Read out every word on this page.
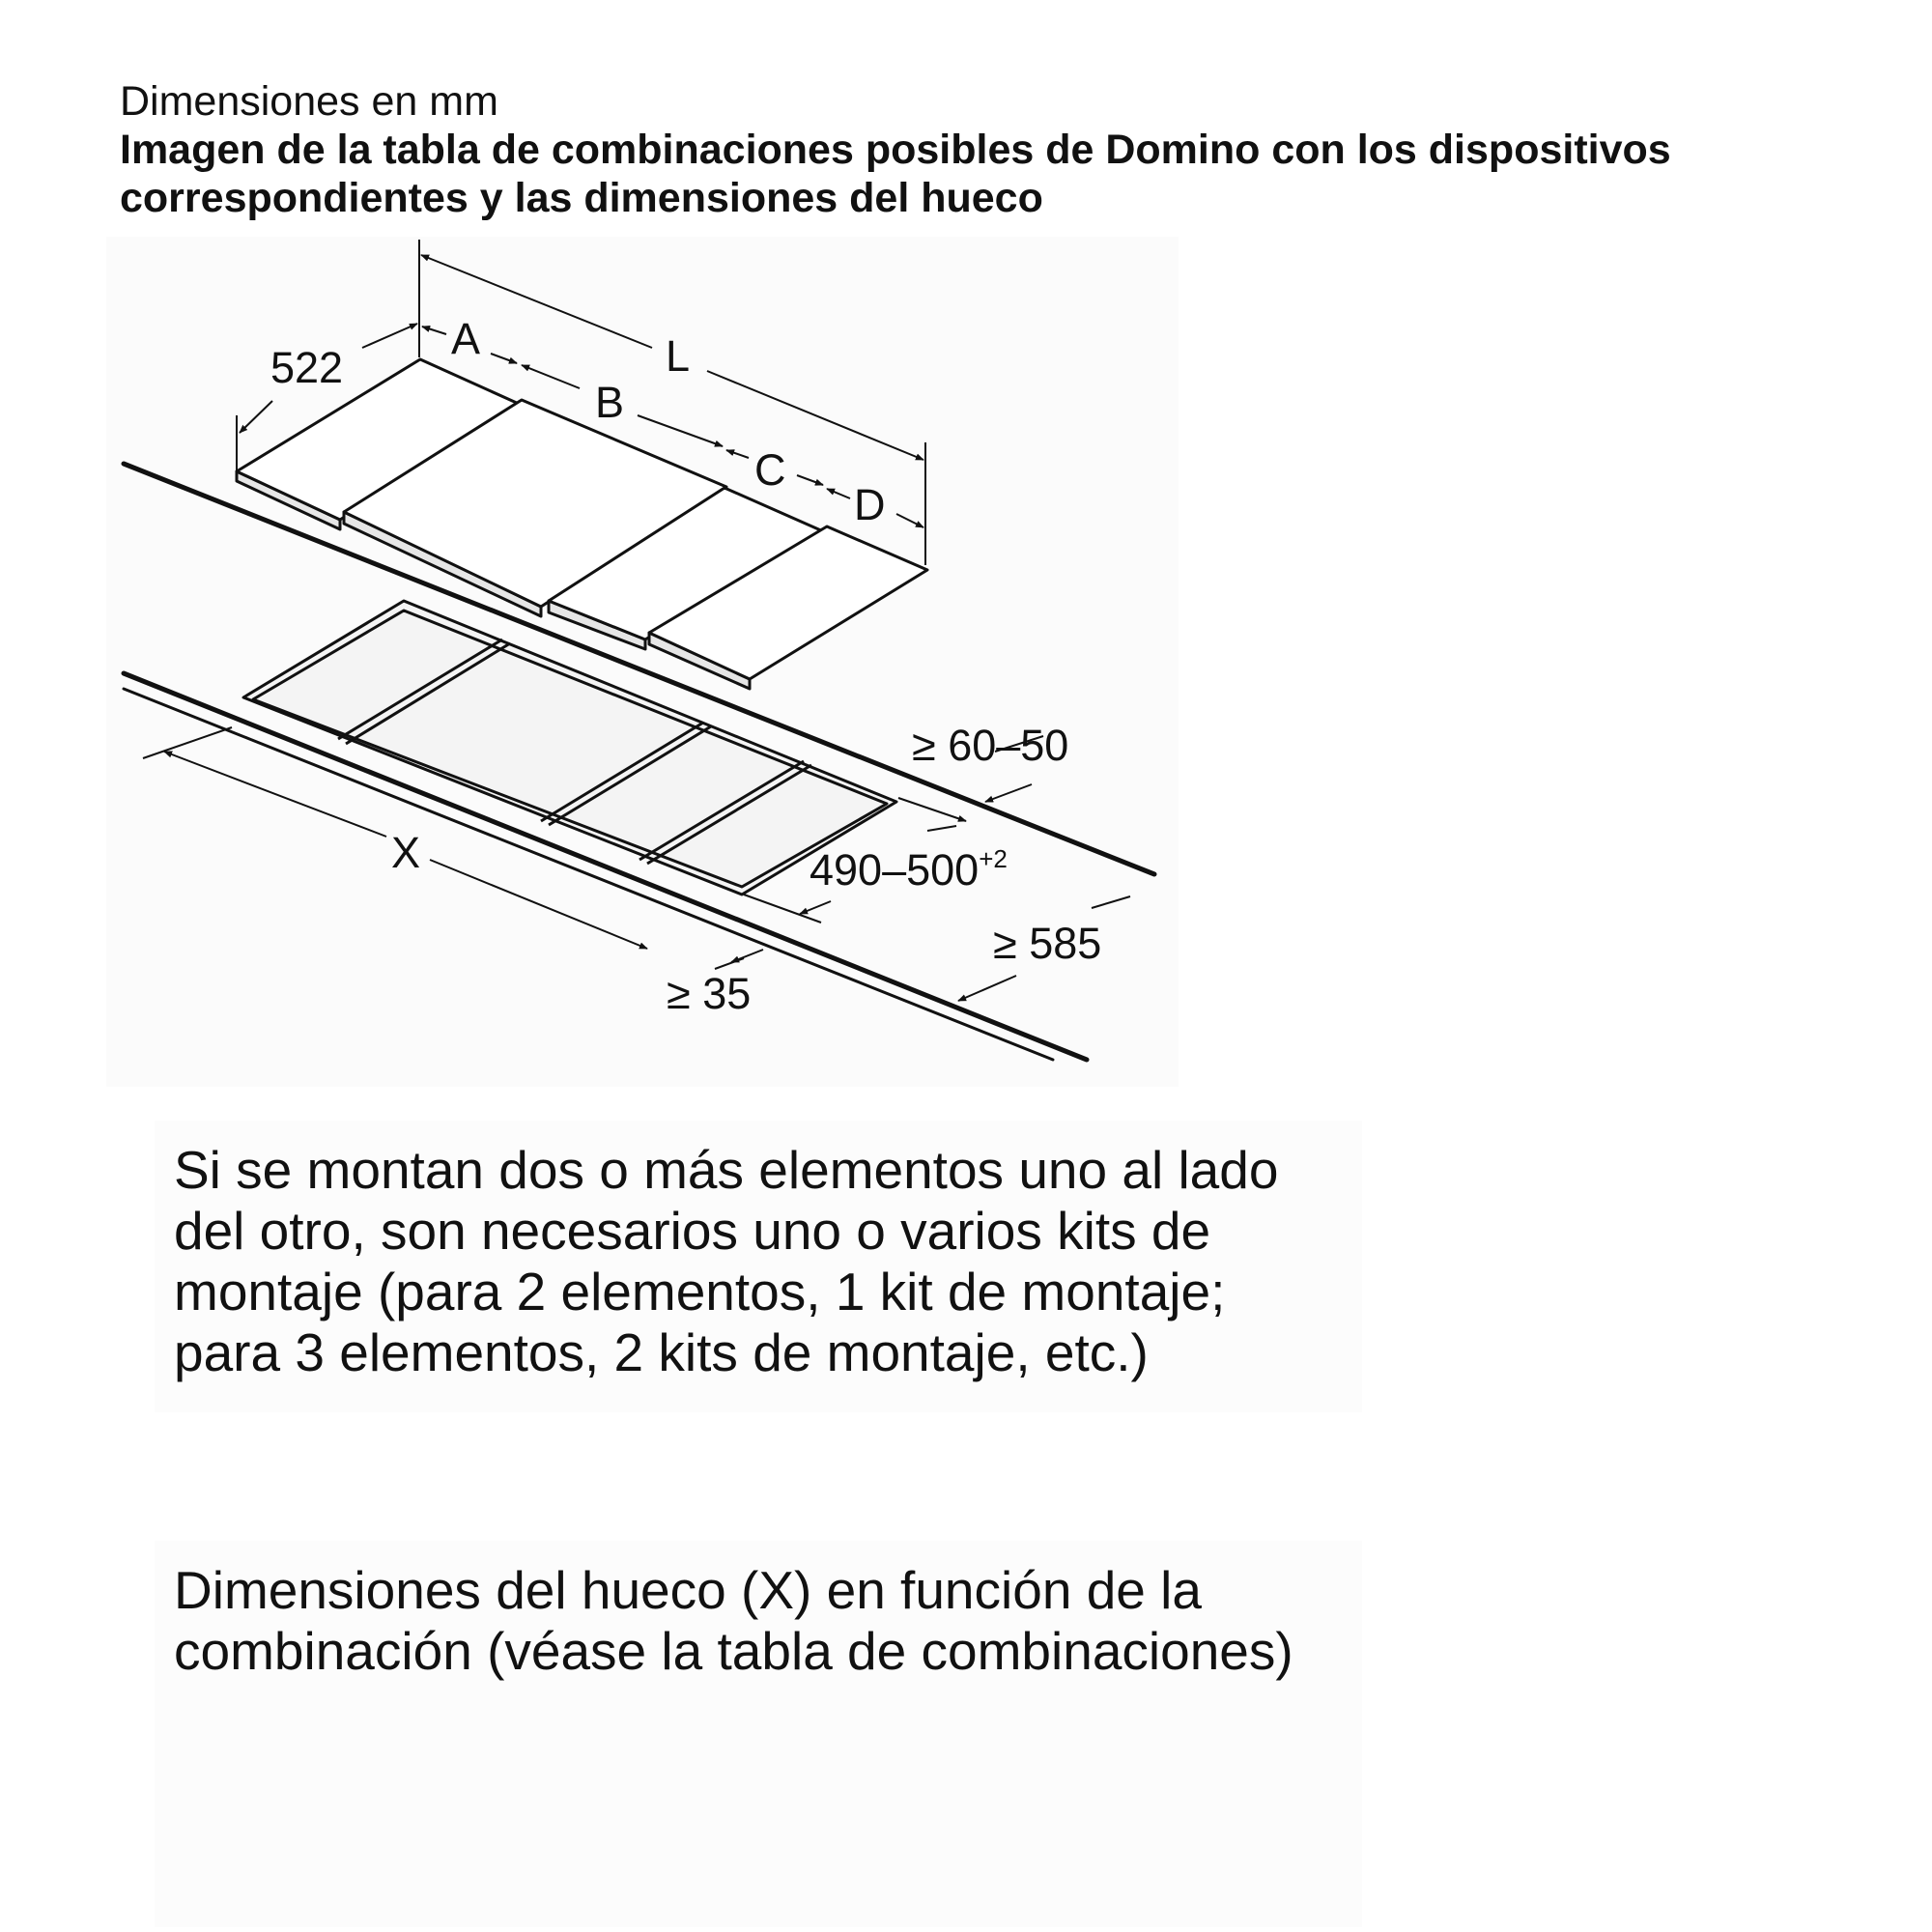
Dimensiones en mm
Imagen de la tabla de combinaciones posibles de Domino con los dispositivos correspondientes y las dimensiones del hueco
522
A	L
B
C
D
X
≥ 60–50
$490-500^{+2}$
≥ 585
≥ 35

Si se montan dos o más elementos uno al lado del otro, son necesarios uno o varios kits de montaje (para 2 elementos, 1 kit de montaje; para 3 elementos, 2 kits de montaje, etc.)

Dimensiones del hueco (X) en función de la combinación (véase la tabla de combinaciones)
